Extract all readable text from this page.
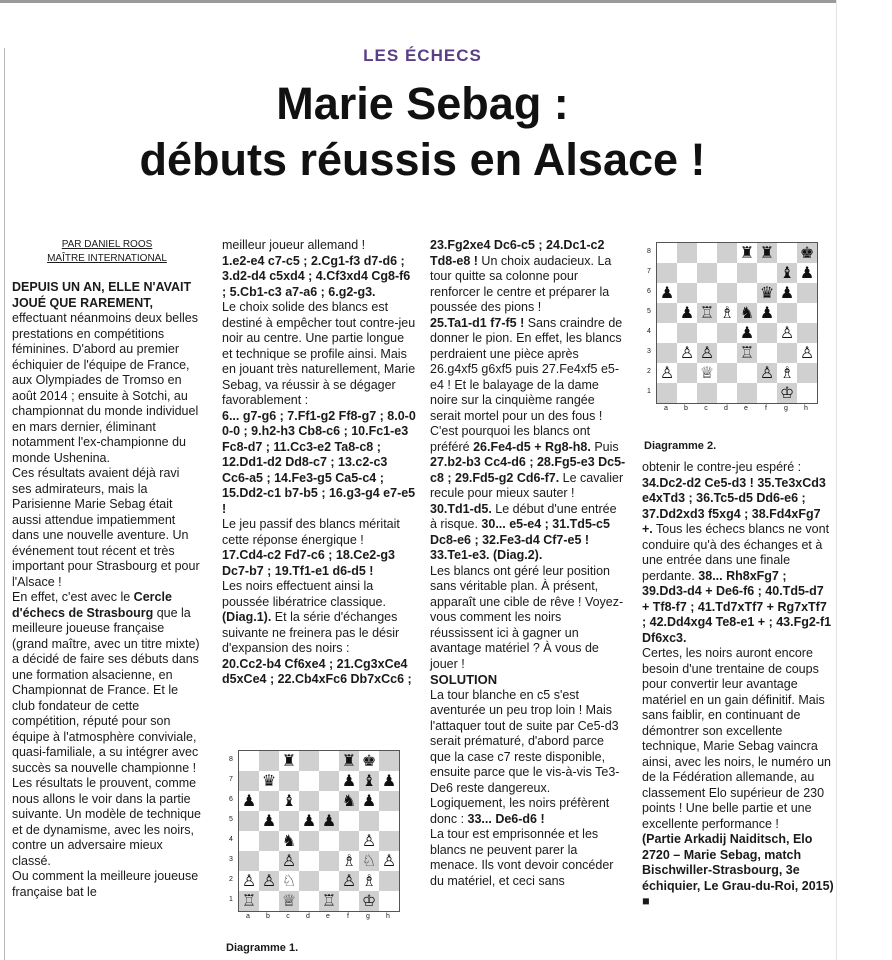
LES ÉCHECS
Marie Sebag :
débuts réussis en Alsace !

PAR DANIEL ROOS

MAÎTRE INTERNATIONAL

DEPUIS UN AN, ELLE N'AVAIT JOUÉ QUE RAREMENT, effectuant néanmoins deux belles prestations en compétitions féminines. D'abord au premier échiquier de l'équipe de France, aux Olympiades de Tromso en août 2014 ; ensuite à Sotchi, au championnat du monde individuel en mars dernier, éliminant notamment l'ex-championne du monde Ushenina.

Ces résultats avaient déjà ravi ses admirateurs, mais la Parisienne Marie Sebag était aussi attendue impatiemment dans une nouvelle aventure. Un événement tout récent et très important pour Strasbourg et pour l'Alsace !

En effet, c'est avec le Cercle d'échecs de Strasbourg que la meilleure joueuse française (grand maître, avec un titre mixte) a décidé de faire ses débuts dans une formation alsacienne, en Championnat de France. Et le club fondateur de cette compétition, réputé pour son équipe à l'atmosphère conviviale, quasi-familiale, a su intégrer avec succès sa nouvelle championne !

Les résultats le prouvent, comme nous allons le voir dans la partie suivante. Un modèle de technique et de dynamisme, avec les noirs, contre un adversaire mieux classé.

Ou comment la meilleure joueuse française bat le

meilleur joueur allemand !

1.e2-e4 c7-c5 ; 2.Cg1-f3 d7-d6 ; 3.d2-d4 c5xd4 ; 4.Cf3xd4 Cg8-f6 ; 5.Cb1-c3 a7-a6 ; 6.g2-g3.

Le choix solide des blancs est destiné à empêcher tout contre-jeu noir au centre. Une partie longue et technique se profile ainsi. Mais en jouant très naturellement, Marie Sebag, va réussir à se dégager favorablement :

6... g7-g6 ; 7.Ff1-g2 Ff8-g7 ; 8.0-0 0-0 ; 9.h2-h3 Cb8-c6 ; 10.Fc1-e3 Fc8-d7 ; 11.Cc3-e2 Ta8-c8 ; 12.Dd1-d2 Dd8-c7 ; 13.c2-c3 Cc6-a5 ; 14.Fe3-g5 Ca5-c4 ; 15.Dd2-c1 b7-b5 ; 16.g3-g4 e7-e5 !

Le jeu passif des blancs méritait cette réponse énergique !

17.Cd4-c2 Fd7-c6 ; 18.Ce2-g3 Dc7-b7 ; 19.Tf1-e1 d6-d5 !

Les noirs effectuent ainsi la poussée libératrice classique.

(Diag.1). Et la série d'échanges suivante ne freinera pas le désir d'expansion des noirs :

20.Cc2-b4 Cf6xe4 ; 21.Cg3xCe4 d5xCe4 ; 22.Cb4xFc6 Db7xCc6 ;

23.Fg2xe4 Dc6-c5 ; 24.Dc1-c2 Td8-e8 ! Un choix audacieux. La tour quitte sa colonne pour renforcer le centre et préparer la poussée des pions !

25.Ta1-d1 f7-f5 ! Sans craindre de donner le pion. En effet, les blancs perdraient une pièce après 26.g4xf5 g6xf5 puis 27.Fe4xf5 e5-e4 ! Et le balayage de la dame noire sur la cinquième rangée serait mortel pour un des fous ! C'est pourquoi les blancs ont préféré 26.Fe4-d5 + Rg8-h8. Puis 27.b2-b3 Cc4-d6 ; 28.Fg5-e3 Dc5-c8 ; 29.Fd5-g2 Cd6-f7. Le cavalier recule pour mieux sauter !

30.Td1-d5. Le début d'une entrée à risque. 30... e5-e4 ; 31.Td5-c5 Dc8-e6 ; 32.Fe3-d4 Cf7-e5 ! 33.Te1-e3. (Diag.2).

Les blancs ont géré leur position sans véritable plan. À présent, apparaît une cible de rêve ! Voyez-vous comment les noirs réussissent ici à gagner un avantage matériel ? À vous de jouer !

SOLUTION

La tour blanche en c5 s'est aventurée un peu trop loin ! Mais l'attaquer tout de suite par Ce5-d3 serait prématuré, d'abord parce que la case c7 reste disponible, ensuite parce que le vis-à-vis Te3-De6 reste dangereux. Logiquement, les noirs préfèrent donc : 33... De6-d6 !

La tour est emprisonnée et les blancs ne peuvent parer la menace. Ils vont devoir concéder du matériel, et ceci sans

obtenir le contre-jeu espéré :

34.Dc2-d2 Ce5-d3 ! 35.Te3xCd3 e4xTd3 ; 36.Tc5-d5 Dd6-e6 ; 37.Dd2xd3 f5xg4 ; 38.Fd4xFg7 +. Tous les échecs blancs ne vont conduire qu'à des échanges et à une entrée dans une finale perdante. 38... Rh8xFg7 ; 39.Dd3-d4 + De6-f6 ; 40.Td5-d7 + Tf8-f7 ; 41.Td7xTf7 + Rg7xTf7 ; 42.Dd4xg4 Te8-e1 + ; 43.Fg2-f1 Df6xc3.

Certes, les noirs auront encore besoin d'une trentaine de coups pour convertir leur avantage matériel en un gain définitif. Mais sans faiblir, en continuant de démontrer son excellente technique, Marie Sebag vaincra ainsi, avec les noirs, le numéro un de la Fédération allemande, au classement Elo supérieur de 230 points ! Une belle partie et une excellente performance !

(Partie Arkadij Naiditsch, Elo 2720 – Marie Sebag, match Bischwiller-Strasbourg, 3e échiquier, Le Grau-du-Roi, 2015) ■

8
7
6
5
4
3
2
1
♜	♜ ♚
♛	♟ ♝ ♟
♟ ♝	♞ ♟
♟ ♟ ♟
♞	♙
♙	♗ ♘ ♙
♙ ♙ ♘	♙ ♗
♖ ♕ ♖ ♔
a	b	c	d	e	f	g	h
Diagramme 1.
8
7
6
5
4
3
2
1
♜ ♜ ♚
♝ ♟
♟	♛ ♟
♟ ♖ ♗ ♞ ♟
♟ ♙
♙ ♙ ♖	♙
♙ ♕	♙ ♗
♔
a	b	c	d	e	f	g	h
Diagramme 2.
